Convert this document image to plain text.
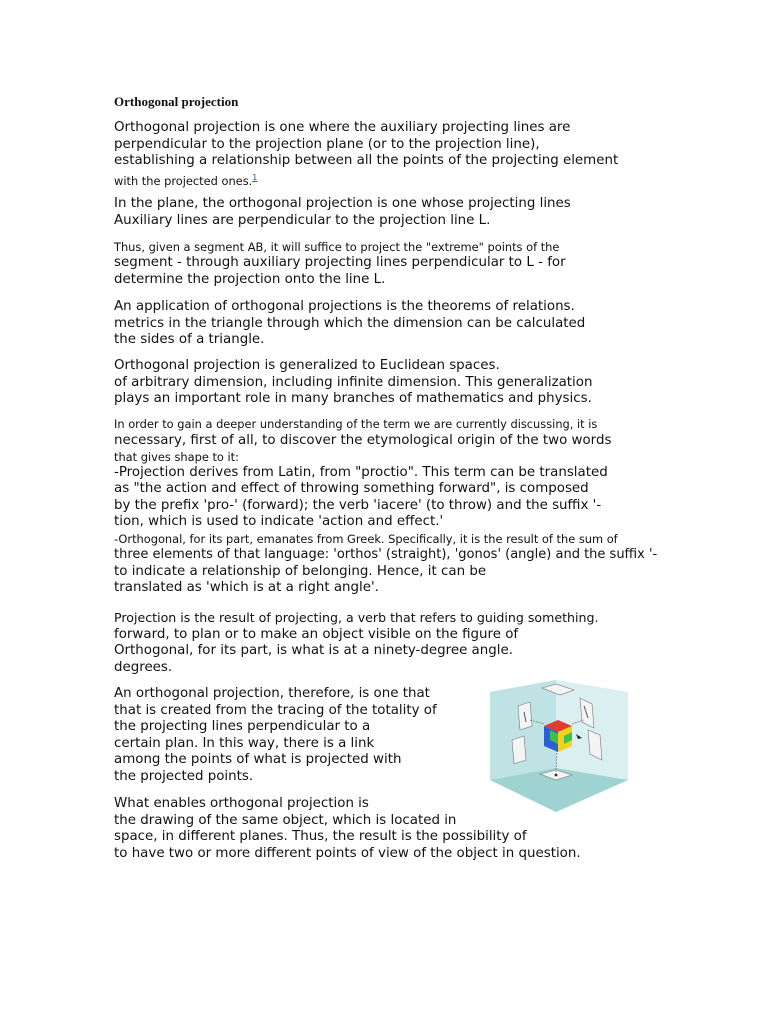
Orthogonal projection
Orthogonal projection is one where the auxiliary projecting lines are
perpendicular to the projection plane (or to the projection line),
establishing a relationship between all the points of the projecting element
with the projected ones.$^1$
In the plane, the orthogonal projection is one whose projecting lines
Auxiliary lines are perpendicular to the projection line L.
Thus, given a segment AB, it will suffice to project the "extreme" points of the
segment - through auxiliary projecting lines perpendicular to L - for
determine the projection onto the line L.
An application of orthogonal projections is the theorems of relations.
metrics in the triangle through which the dimension can be calculated
the sides of a triangle.
Orthogonal projection is generalized to Euclidean spaces.
of arbitrary dimension, including infinite dimension. This generalization
plays an important role in many branches of mathematics and physics.
In order to gain a deeper understanding of the term we are currently discussing, it is
necessary, first of all, to discover the etymological origin of the two words
that gives shape to it:
-Projection derives from Latin, from "proctio". This term can be translated
as "the action and effect of throwing something forward", is composed
by the prefix 'pro-' (forward); the verb 'iacere' (to throw) and the suffix '-
tion, which is used to indicate 'action and effect.'
-Orthogonal, for its part, emanates from Greek. Specifically, it is the result of the sum of
three elements of that language: 'orthos' (straight), 'gonos' (angle) and the suffix '-
to indicate a relationship of belonging. Hence, it can be
translated as 'which is at a right angle'.
Projection is the result of projecting, a verb that refers to guiding something.
forward, to plan or to make an object visible on the figure of
Orthogonal, for its part, is what is at a ninety-degree angle.
degrees.
An orthogonal projection, therefore, is one that
that is created from the tracing of the totality of
the projecting lines perpendicular to a
certain plan. In this way, there is a link
among the points of what is projected with
the projected points.
What enables orthogonal projection is
the drawing of the same object, which is located in
space, in different planes. Thus, the result is the possibility of
to have two or more different points of view of the object in question.
